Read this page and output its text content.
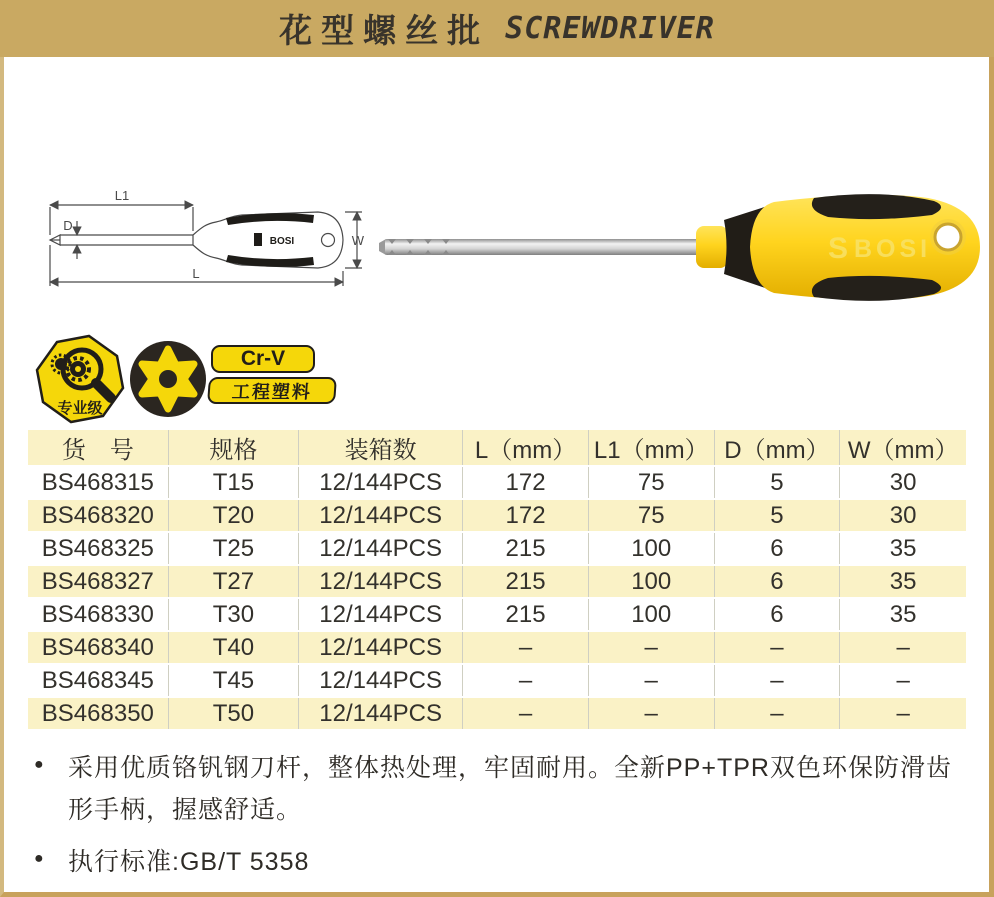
花型螺丝批 SCREWDRIVER
BOSI
L1
D
L
W	S BOSI
专业级
Cr-V
工程塑料
货　号	规格	装箱数	L（mm）	L1（mm）	D（mm）	W（mm）
BS468315	T15	12/144PCS	172	75	5	30
BS468320	T20	12/144PCS	172	75	5	30
BS468325	T25	12/144PCS	215	100	6	35
BS468327	T27	12/144PCS	215	100	6	35
BS468330	T30	12/144PCS	215	100	6	35
BS468340	T40	12/144PCS	–	–	–	–
BS468345	T45	12/144PCS	–	–	–	–
BS468350	T50	12/144PCS	–	–	–	–
● 采用优质铬钒钢刀杆，整体热处理，牢固耐用。全新PP+TPR双色环保防滑齿形手柄，握感舒适。
● 执行标准:GB/T 5358
